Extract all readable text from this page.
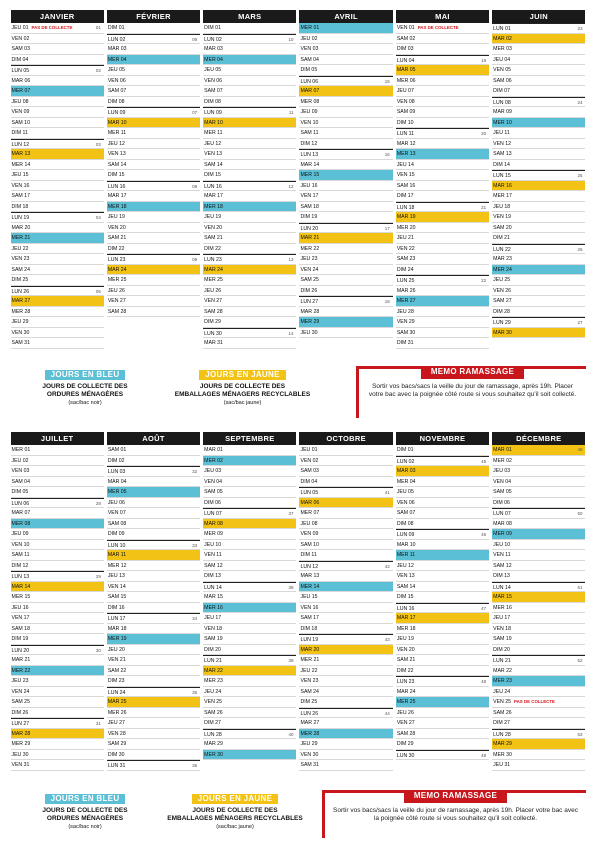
JANVIER
JEU 01 PAS DE COLLECTE	01
VEN 02
SAM 03
DIM 04
LUN 05	02
MAR 06
MER 07
JEU 08
VEN 09
SAM 10
DIM 11
LUN 12	03
MAR 13
MER 14
JEU 15
VEN 16
SAM 17
DIM 18
LUN 19	04
MAR 20
MER 21
JEU 22
VEN 23
SAM 24
DIM 25
LUN 26	05
MAR 27
MER 28
JEU 29
VEN 30
SAM 31
FÉVRIER
DIM 01
LUN 02	06
MAR 03
MER 04
JEU 05
VEN 06
SAM 07
DIM 08
LUN 09	07
MAR 10
MER 11
JEU 12
VEN 13
SAM 14
DIM 15
LUN 16	08
MAR 17
MER 18
JEU 19
VEN 20
SAM 21
DIM 22
LUN 23	09
MAR 24
MER 25
JEU 26
VEN 27
SAM 28
MARS
DIM 01
LUN 02	10
MAR 03
MER 04
JEU 05
VEN 06
SAM 07
DIM 08
LUN 09	11
MAR 10
MER 11
JEU 12
VEN 13
SAM 14
DIM 15
LUN 16	12
MAR 17
MER 18
JEU 19
VEN 20
SAM 21
DIM 22
LUN 23	13
MAR 24
MER 25
JEU 26
VEN 27
SAM 28
DIM 29
LUN 30	14
MAR 31
AVRIL
MER 01
JEU 02
VEN 03
SAM 04
DIM 05
LUN 06	15
MAR 07
MER 08
JEU 09
VEN 10
SAM 11
DIM 12
LUN 13	16
MAR 14
MER 15
JEU 16
VEN 17
SAM 18
DIM 19
LUN 20	17
MAR 21
MER 22
JEU 23
VEN 24
SAM 25
DIM 26
LUN 27	18
MAR 28
MER 29
JEU 30
MAI
VEN 01 PAS DE COLLECTE
SAM 02
DIM 03
LUN 04	19
MAR 05
MER 06
JEU 07
VEN 08
SAM 09
DIM 10
LUN 11	20
MAR 12
MER 13
JEU 14
VEN 15
SAM 16
DIM 17
LUN 18	21
MAR 19
MER 20
JEU 21
VEN 22
SAM 23
DIM 24
LUN 25	22
MAR 26
MER 27
JEU 28
VEN 29
SAM 30
DIM 31
JUIN
LUN 01	23
MAR 02
MER 03
JEU 04
VEN 05
SAM 06
DIM 07
LUN 08	24
MAR 09
MER 10
JEU 11
VEN 12
SAM 13
DIM 14
LUN 15	25
MAR 16
MER 17
JEU 18
VEN 19
SAM 20
DIM 21
LUN 22	26
MAR 23
MER 24
JEU 25
VEN 26
SAM 27
DIM 28
LUN 29	27
MAR 30
JOURS EN BLEU
JOURS DE COLLECTE DES
ORDURES MÉNAGÈRES
(sac/bac noir)
JOURS EN JAUNE
JOURS DE COLLECTE DES
EMBALLAGES MÉNAGERS RECYCLABLES
(sac/bac jaune)
MEMO RAMASSAGE
Sortir vos bacs/sacs la veille du jour de ramassage, après 19h. Placer votre bac avec la poignée côté route si vous souhaitez qu'il soit collecté.
JUILLET
MER 01
JEU 02
VEN 03
SAM 04
DIM 05
LUN 06	28
MAR 07
MER 08
JEU 09
VEN 10
SAM 11
DIM 12
LUN 13	29
MAR 14
MER 15
JEU 16
VEN 17
SAM 18
DIM 19
LUN 20	30
MAR 21
MER 22
JEU 23
VEN 24
SAM 25
DIM 26
LUN 27	31
MAR 28
MER 29
JEU 30
VEN 31
AOÛT
SAM 01
DIM 02
LUN 03	32
MAR 04
MER 05
JEU 06
VEN 07
SAM 08
DIM 09
LUN 10	33
MAR 11
MER 12
JEU 13
VEN 14
SAM 15
DIM 16
LUN 17	34
MAR 18
MER 19
JEU 20
VEN 21
SAM 22
DIM 23
LUN 24	35
MAR 25
MER 26
JEU 27
VEN 28
SAM 29
DIM 30
LUN 31	36
SEPTEMBRE
MAR 01
MER 02
JEU 03
VEN 04
SAM 05
DIM 06
LUN 07	37
MAR 08
MER 09
JEU 10
VEN 11
SAM 12
DIM 13
LUN 14	38
MAR 15
MER 16
JEU 17
VEN 18
SAM 19
DIM 20
LUN 21	39
MAR 22
MER 23
JEU 24
VEN 25
SAM 26
DIM 27
LUN 28	40
MAR 29
MER 30
OCTOBRE
JEU 01
VEN 02
SAM 03
DIM 04
LUN 05	41
MAR 06
MER 07
JEU 08
VEN 09
SAM 10
DIM 11
LUN 12	42
MAR 13
MER 14
JEU 15
VEN 16
SAM 17
DIM 18
LUN 19	43
MAR 20
MER 21
JEU 22
VEN 23
SAM 24
DIM 25
LUN 26	44
MAR 27
MER 28
JEU 29
VEN 30
SAM 31
NOVEMBRE
DIM 01
LUN 02	45
MAR 03
MER 04
JEU 05
VEN 06
SAM 07
DIM 08
LUN 09	46
MAR 10
MER 11
JEU 12
VEN 13
SAM 14
DIM 15
LUN 16	47
MAR 17
MER 18
JEU 19
VEN 20
SAM 21
DIM 22
LUN 23	48
MAR 24
MER 25
JEU 26
VEN 27
SAM 28
DIM 29
LUN 30	49
DÉCEMBRE
MAR 01	49
MER 02
JEU 03
VEN 04
SAM 05
DIM 06
LUN 07	50
MAR 08
MER 09
JEU 10
VEN 11
SAM 12
DIM 13
LUN 14	51
MAR 15
MER 16
JEU 17
VEN 18
SAM 19
DIM 20
LUN 21	52
MAR 22
MER 23
JEU 24
VEN 25 PAS DE COLLECTE
SAM 26
DIM 27
LUN 28	53
MAR 29
MER 30
JEU 31
JOURS EN BLEU
JOURS DE COLLECTE DES
ORDURES MÉNAGÈRES
(sac/bac noir)
JOURS EN JAUNE
JOURS DE COLLECTE DES
EMBALLAGES MÉNAGERS RECYCLABLES
(sac/bac jaune)
MEMO RAMASSAGE
Sortir vos bacs/sacs la veille du jour de ramassage, après 19h. Placer votre bac avec la poignée côté route si vous souhaitez qu'il soit collecté.
